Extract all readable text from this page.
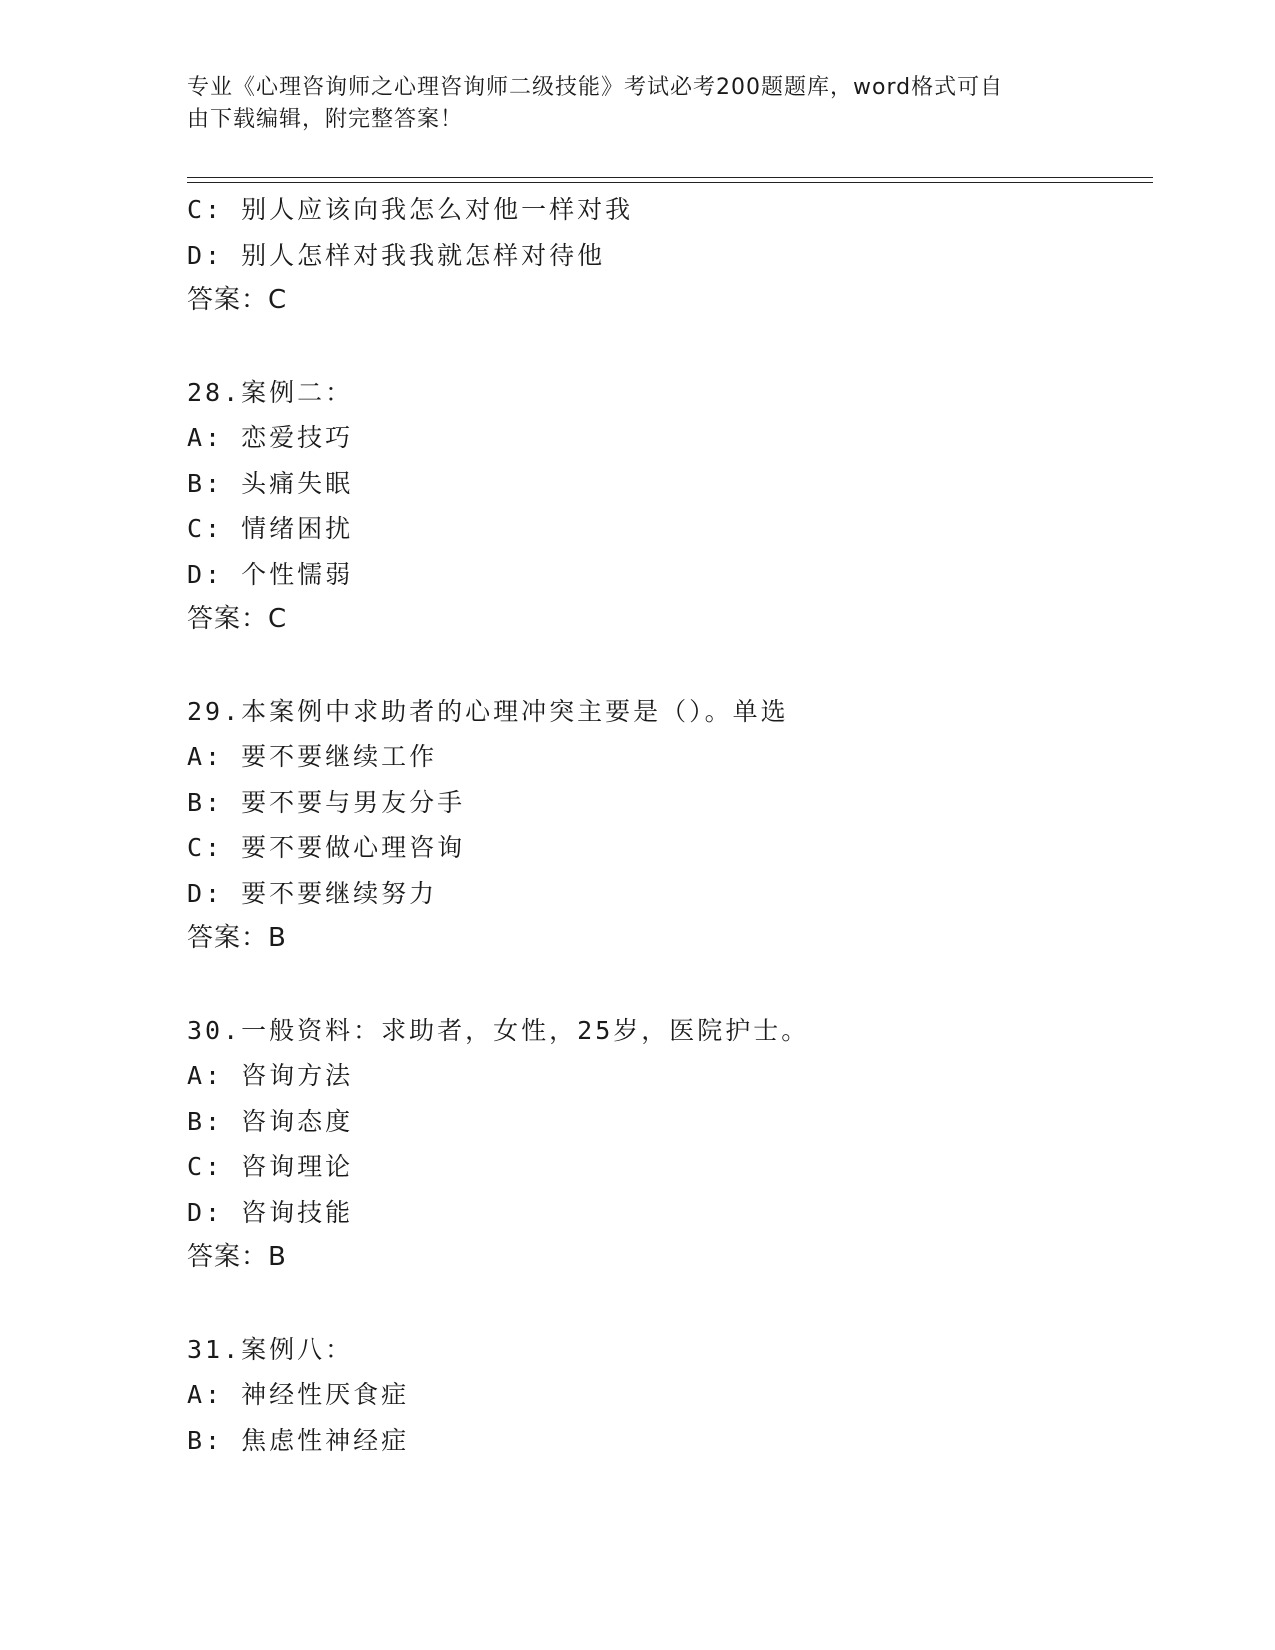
专业《心理咨询师之心理咨询师二级技能》考试必考200题题库，word格式可自
由下载编辑，附完整答案！
C: 别人应该向我怎么对他一样对我
D: 别人怎样对我我就怎样对待他
答案：C
28.案例二：
A: 恋爱技巧
B: 头痛失眠
C: 情绪困扰
D: 个性懦弱
答案：C
29.本案例中求助者的心理冲突主要是（）。单选
A: 要不要继续工作
B: 要不要与男友分手
C: 要不要做心理咨询
D: 要不要继续努力
答案：B
30.一般资料：求助者，女性，25岁，医院护士。
A: 咨询方法
B: 咨询态度
C: 咨询理论
D: 咨询技能
答案：B
31.案例八：
A: 神经性厌食症
B: 焦虑性神经症
